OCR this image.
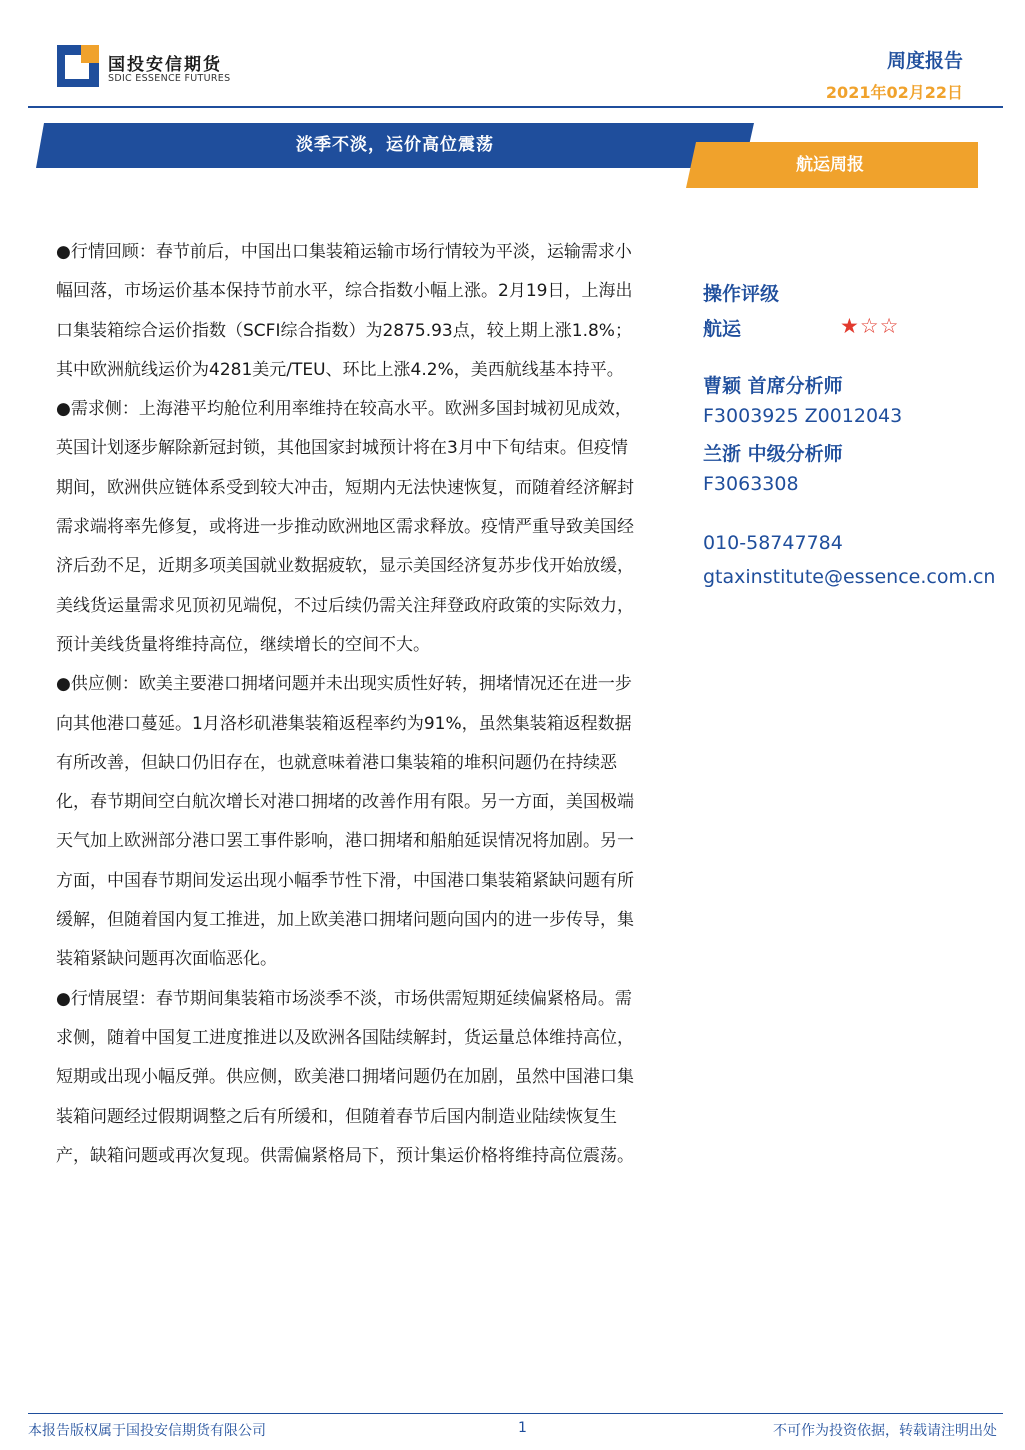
国投安信期货
SDIC ESSENCE FUTURES
周度报告
2021年02月22日
淡季不淡，运价高位震荡
航运周报

●行情回顾：春节前后，中国出口集装箱运输市场行情较为平淡，运输需求小幅回落，市场运价基本保持节前水平，综合指数小幅上涨。2月19日，上海出口集装箱综合运价指数（SCFI综合指数）为2875.93点，较上期上涨1.8%；其中欧洲航线运价为4281美元/TEU、环比上涨4.2%，美西航线基本持平。

●需求侧：上海港平均舱位利用率维持在较高水平。欧洲多国封城初见成效，英国计划逐步解除新冠封锁，其他国家封城预计将在3月中下旬结束。但疫情期间，欧洲供应链体系受到较大冲击，短期内无法快速恢复，而随着经济解封需求端将率先修复，或将进一步推动欧洲地区需求释放。疫情严重导致美国经济后劲不足，近期多项美国就业数据疲软，显示美国经济复苏步伐开始放缓，美线货运量需求见顶初见端倪，不过后续仍需关注拜登政府政策的实际效力，预计美线货量将维持高位，继续增长的空间不大。

●供应侧：欧美主要港口拥堵问题并未出现实质性好转，拥堵情况还在进一步向其他港口蔓延。1月洛杉矶港集装箱返程率约为91%，虽然集装箱返程数据有所改善，但缺口仍旧存在，也就意味着港口集装箱的堆积问题仍在持续恶化，春节期间空白航次增长对港口拥堵的改善作用有限。另一方面，美国极端天气加上欧洲部分港口罢工事件影响，港口拥堵和船舶延误情况将加剧。另一方面，中国春节期间发运出现小幅季节性下滑，中国港口集装箱紧缺问题有所缓解，但随着国内复工推进，加上欧美港口拥堵问题向国内的进一步传导，集装箱紧缺问题再次面临恶化。

●行情展望：春节期间集装箱市场淡季不淡，市场供需短期延续偏紧格局。需求侧，随着中国复工进度推进以及欧洲各国陆续解封，货运量总体维持高位，短期或出现小幅反弹。供应侧，欧美港口拥堵问题仍在加剧，虽然中国港口集装箱问题经过假期调整之后有所缓和，但随着春节后国内制造业陆续恢复生产，缺箱问题或再次复现。供需偏紧格局下，预计集运价格将维持高位震荡。

操作评级
航运	★☆☆
曹颖 首席分析师
F3003925 Z0012043
兰浙 中级分析师
F3063308
010-58747784
gtaxinstitute@essence.com.cn
本报告版权属于国投安信期货有限公司	1	不可作为投资依据，转载请注明出处
